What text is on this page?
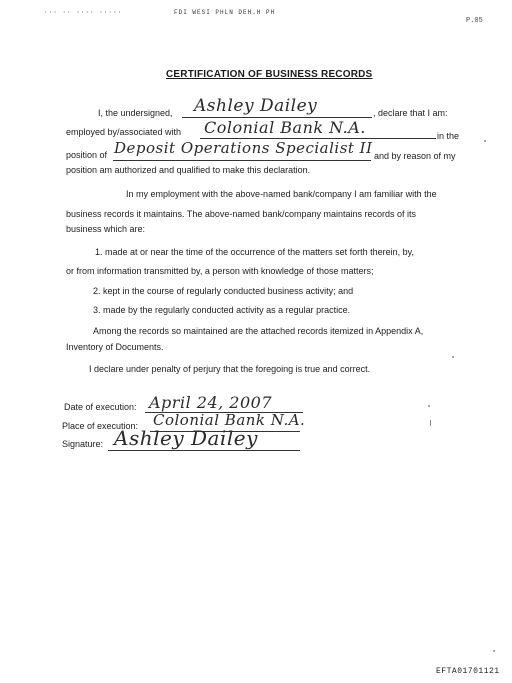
··· ·· ···· ·····	FDI WESI PHLN DEH.H PH
P.05
CERTIFICATION OF BUSINESS RECORDS
I, the undersigned, Ashley Dailey	, declare that I am:
employed by/associated with Colonial Bank N.A.	in the
position of Deposit Operations Specialist II and by reason of my
position am authorized and qualified to make this declaration.
In my employment with the above-named bank/company I am familiar with the
business records it maintains. The above-named bank/company maintains records of its
business which are:
1. made at or near the time of the occurrence of the matters set forth therein, by,
or from information transmitted by, a person with knowledge of those matters;
2. kept in the course of regularly conducted business activity; and
3. made by the regularly conducted activity as a regular practice.
Among the records so maintained are the attached records itemized in Appendix A,
Inventory of Documents.
I declare under penalty of perjury that the foregoing is true and correct.
Date of execution: April 24, 2007
Place of execution: Colonial Bank N.A.
Signature: Ashley Dailey
EFTA01701121
